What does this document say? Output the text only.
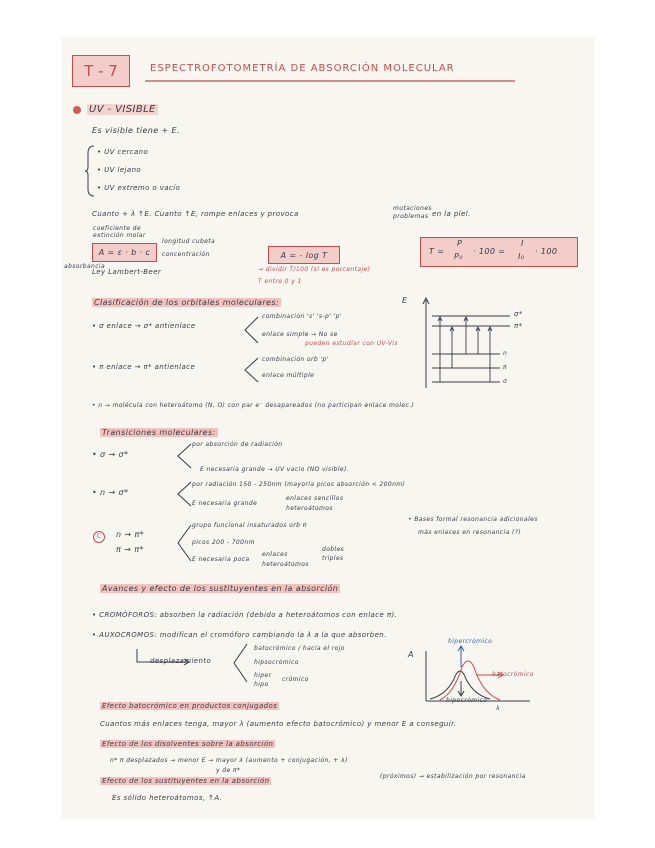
T - 7	ESPECTROFOTOMETRÍA DE ABSORCIÓN MOLECULAR
UV - VISIBLE
Es visible tiene + E.
• UV cercano
• UV lejano
• UV extremo o vacío
Cuanto + λ ↑E. Cuanto ↑E, rompe enlaces y provoca
mutaciones
problemas en la piel.
coeficiente de
extinción molar
A = ε · b · c
absorbancia
longitud cubeta
concentración
Ley Lambert-Beer
A = - log T
→ dividir T/100 (si es porcentaje)
T entre 0 y 1
T =
P
P₀
· 100 =
I
I₀
· 100
Clasificación de los orbitales moleculares:
• σ enlace → σ* antienlace
combinación 's' 's-p' 'p'
enlace simple → No se
pueden estudiar con UV-Vis
• π enlace → π* antienlace
combinación orb 'p'
enlace múltiple
• n → molécula con heteroátomo (N, O) con par e⁻ desapareados (no participan enlace molec.)
E
σ*
π*
n
π
σ
Transiciones moleculares:
• σ → σ*
por absorción de radiación
E necesaria grande → UV vacío (NO visible).
• n → σ*
por radiación 150 - 250nm (mayoría picos absorción < 200nm)
E necesaria grande
enlaces sencillos
heteroátomos
C	n → π*
π → π*
grupo funcional insaturados orb π
picos 200 - 700nm
E necesaria poca
enlaces
heteroátomos
dobles
triples
• Bases formal resonancia adicionales
más enlaces en resonancia (?)
Avances y efecto de los sustituyentes en la absorción
• CROMÓFOROS: absorben la radiación (debido a heteroátomos con enlace π).
• AUXOCROMOS: modifican el cromóforo cambiando la λ a la que absorben.
desplazamiento
batocrómico / hacia el rojo
hipsocrómico
hiper
hipo
crómico
A
λ
hipercrómico
batocrómico
hipocrómico
Efecto batocrómico en productos conjugados
Cuantos más enlaces tenga, mayor λ (aumento efecto batocrómico) y menor E a conseguir.
Efecto de los disolventes sobre la absorción
n* π desplazados → menor E → mayor λ (aumento + conjugación, + λ)
y de π*
(próximos) → estabilización por resonancia
Efecto de los sustituyentes en la absorción
Es sólido heteroátomos, ↑A.
